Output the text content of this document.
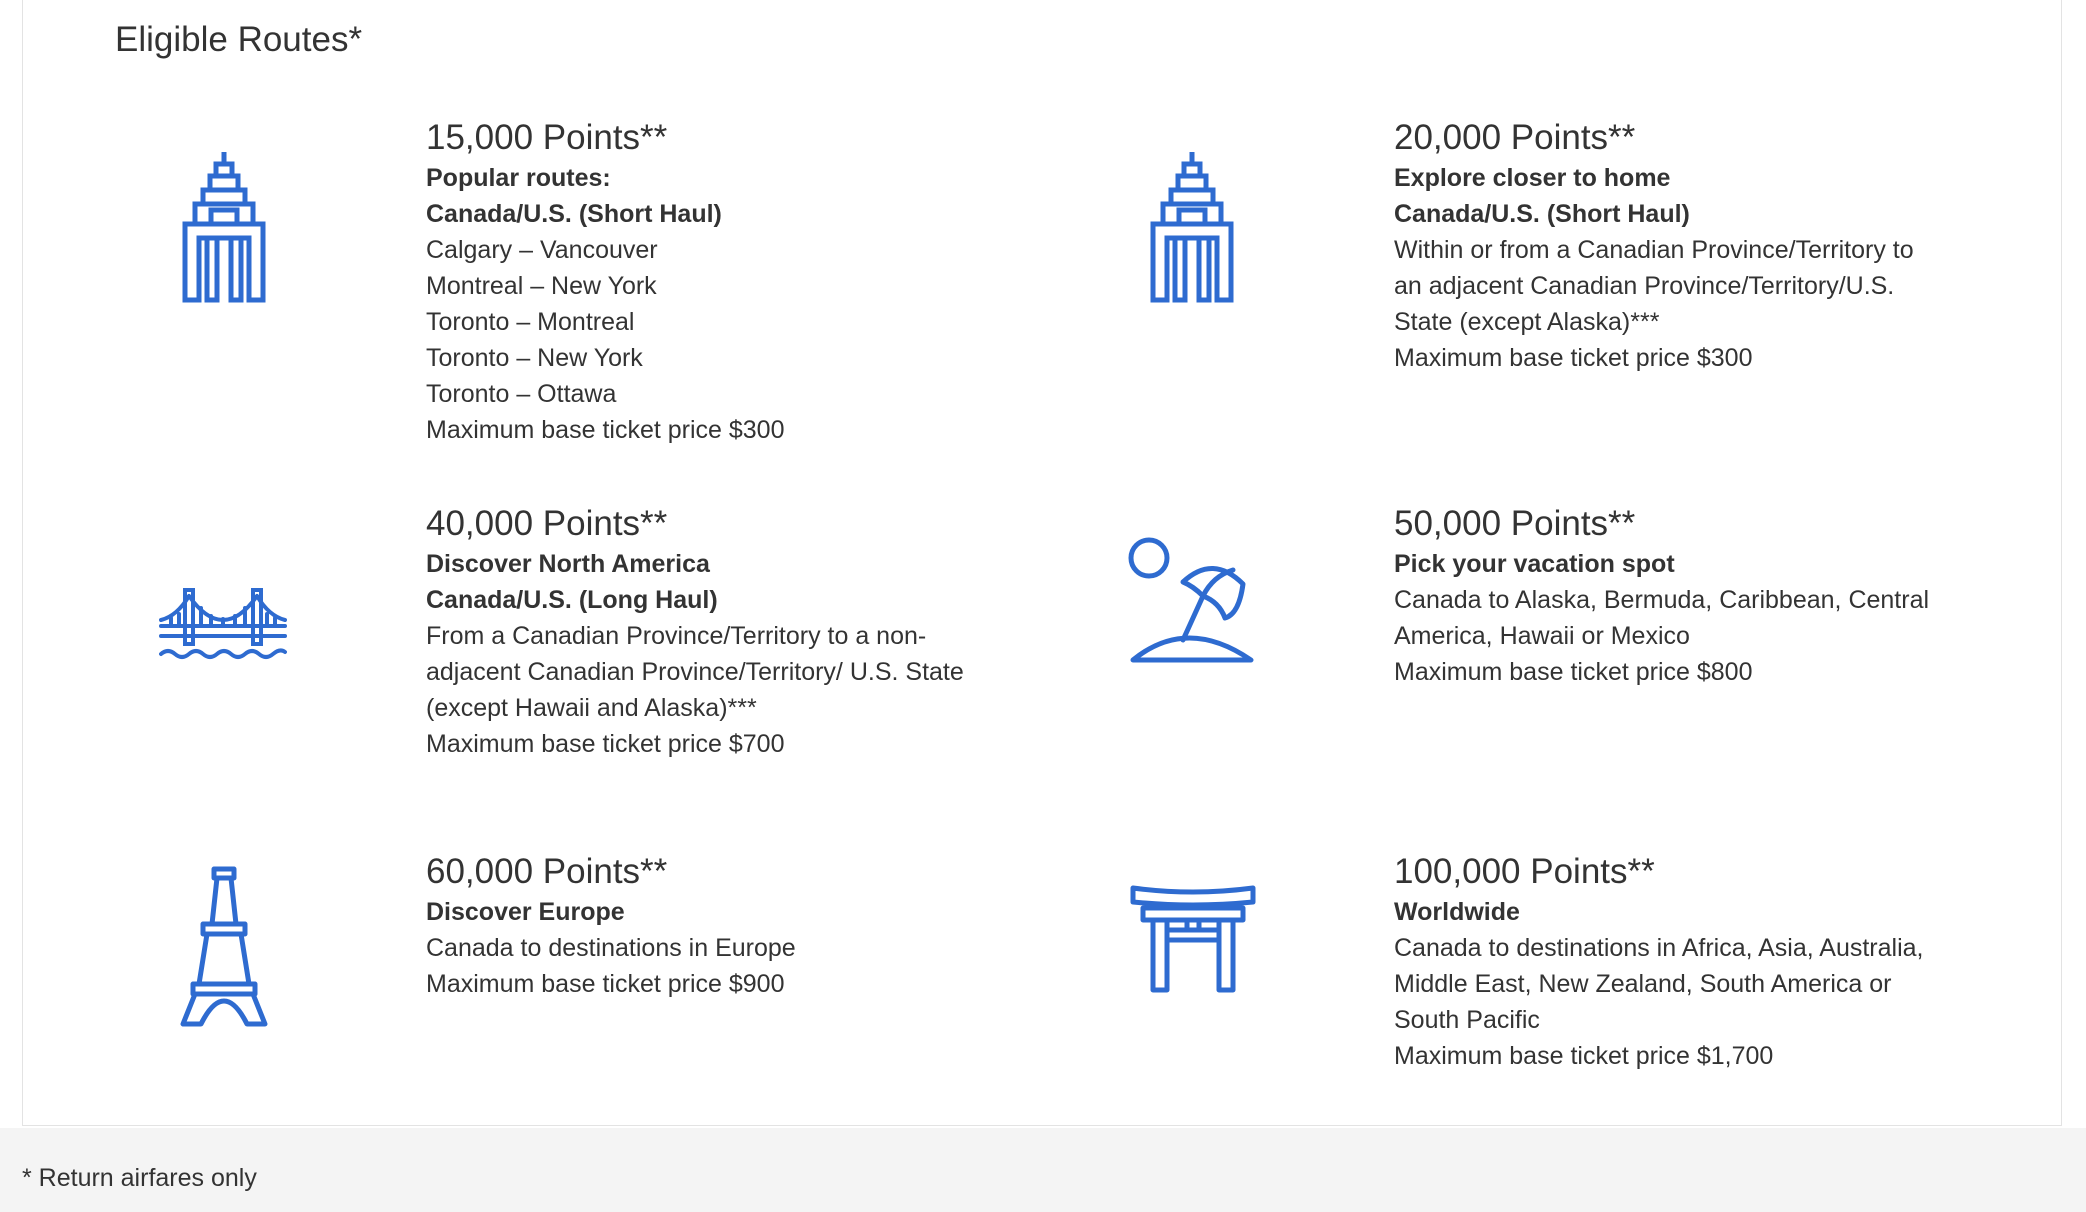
Eligible Routes*
15,000 Points**
Popular routes:
Canada/U.S. (Short Haul)
Calgary – Vancouver
Montreal – New York
Toronto – Montreal
Toronto – New York
Toronto – Ottawa
Maximum base ticket price $300
20,000 Points**
Explore closer to home
Canada/U.S. (Short Haul)
Within or from a Canadian Province/Territory to
an adjacent Canadian Province/Territory/U.S.
State (except Alaska)***
Maximum base ticket price $300
40,000 Points**
Discover North America
Canada/U.S. (Long Haul)
From a Canadian Province/Territory to a non-
adjacent Canadian Province/Territory/ U.S. State
(except Hawaii and Alaska)***
Maximum base ticket price $700
50,000 Points**
Pick your vacation spot
Canada to Alaska, Bermuda, Caribbean, Central
America, Hawaii or Mexico
Maximum base ticket price $800
60,000 Points**
Discover Europe
Canada to destinations in Europe
Maximum base ticket price $900
100,000 Points**
Worldwide
Canada to destinations in Africa, Asia, Australia,
Middle East, New Zealand, South America or
South Pacific
Maximum base ticket price $1,700
* Return airfares only
